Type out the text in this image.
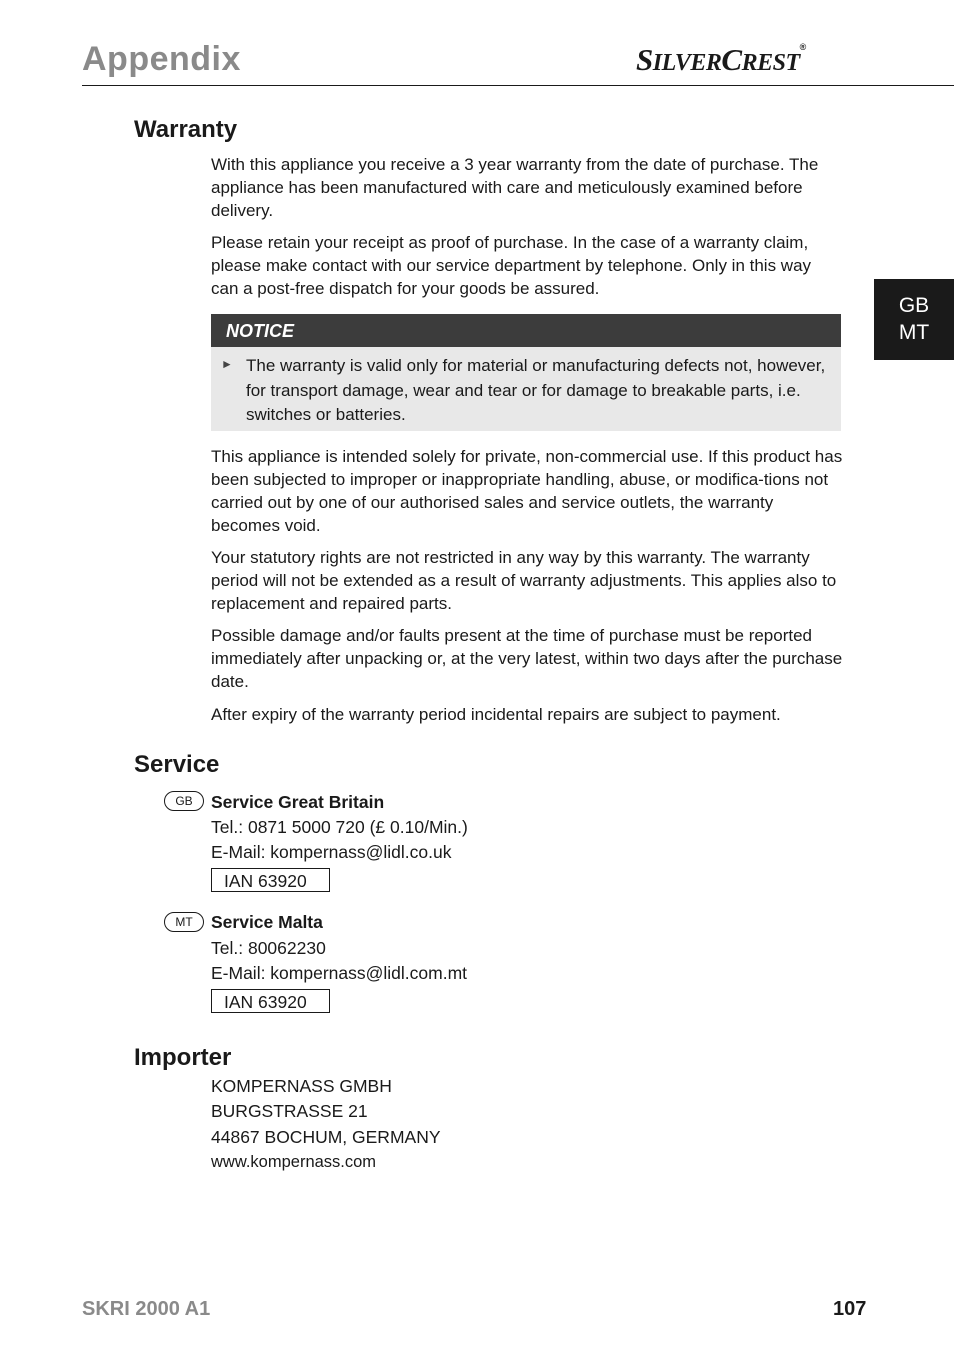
Appendix	SILVERCREST®
GB
MT
Warranty

With this appliance you receive a 3 year warranty from the date of purchase. The appliance has been manufactured with care and meticulously examined before delivery.

Please retain your receipt as proof of purchase. In the case of a warranty claim, please make contact with our service department by telephone. Only in this way can a post-free dispatch for your goods be assured.

NOTICE
► The warranty is valid only for material or manufacturing defects not, however, for transport damage, wear and tear or for damage to breakable parts, i.e. switches or batteries.

This appliance is intended solely for private, non-commercial use. If this product has been subjected to improper or inappropriate handling, abuse, or modifica-tions not carried out by one of our authorised sales and service outlets, the warranty becomes void.

Your statutory rights are not restricted in any way by this warranty. The warranty period will not be extended as a result of warranty adjustments. This applies also to replacement and repaired parts.

Possible damage and/or faults present at the time of purchase must be reported immediately after unpacking or, at the very latest, within two days after the purchase date.

After expiry of the warranty period incidental repairs are subject to payment.

Service
GB	Service Great Britain
Tel.: 0871 5000 720 (£ 0.10/Min.)
E-Mail: kompernass@lidl.co.uk
IAN 63920
MT	Service Malta
Tel.: 80062230
E-Mail: kompernass@lidl.com.mt
IAN 63920
Importer
KOMPERNASS GMBH
BURGSTRASSE 21
44867 BOCHUM, GERMANY
www.kompernass.com
SKRI 2000 A1	107
